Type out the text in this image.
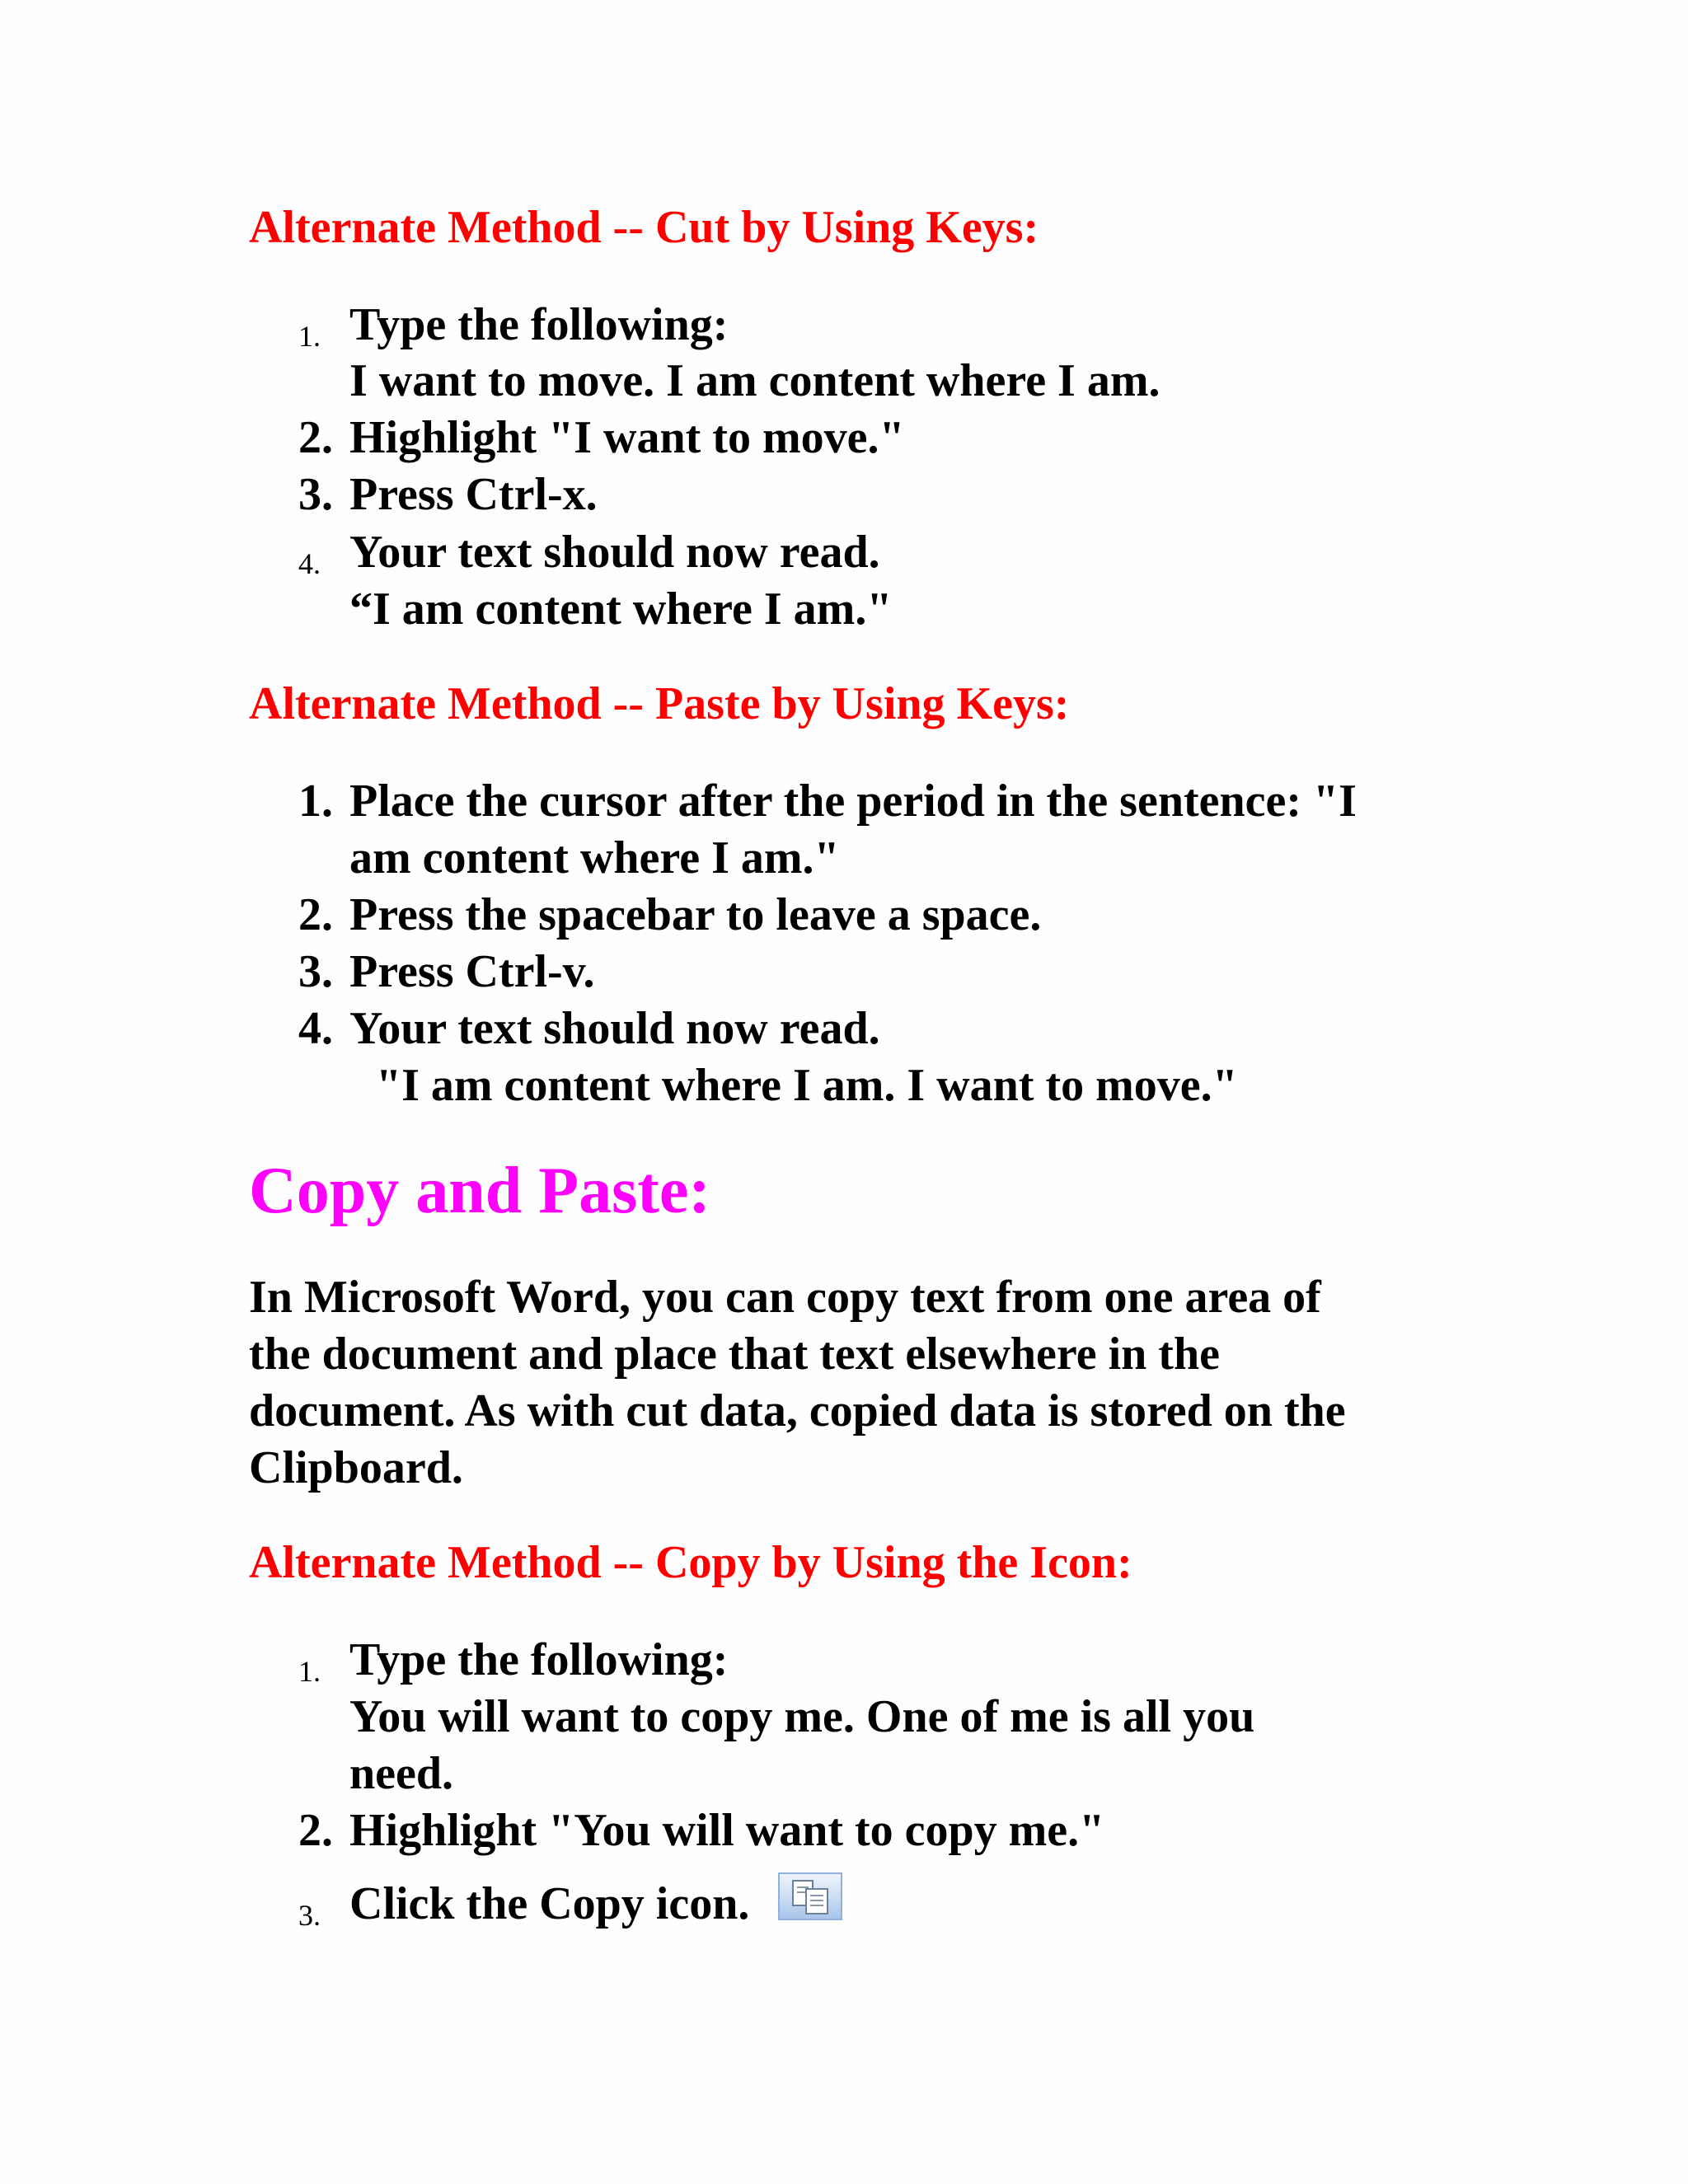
Alternate Method -- Cut by Using Keys:
1. Type the following:
I want to move. I am content where I am.
2. Highlight "I want to move."
3. Press Ctrl-x.
4. Your text should now read.
“I am content where I am."
Alternate Method -- Paste by Using Keys:
1. Place the cursor after the period in the sentence: "I
am content where I am."
2. Press the spacebar to leave a space.
3. Press Ctrl-v.
4. Your text should now read.
"I am content where I am. I want to move."
Copy and Paste:
In Microsoft Word, you can copy text from one area of
the document and place that text elsewhere in the
document. As with cut data, copied data is stored on the
Clipboard.
Alternate Method -- Copy by Using the Icon:
1. Type the following:
You will want to copy me. One of me is all you
need.
2. Highlight "You will want to copy me."
3. Click the Copy icon.
